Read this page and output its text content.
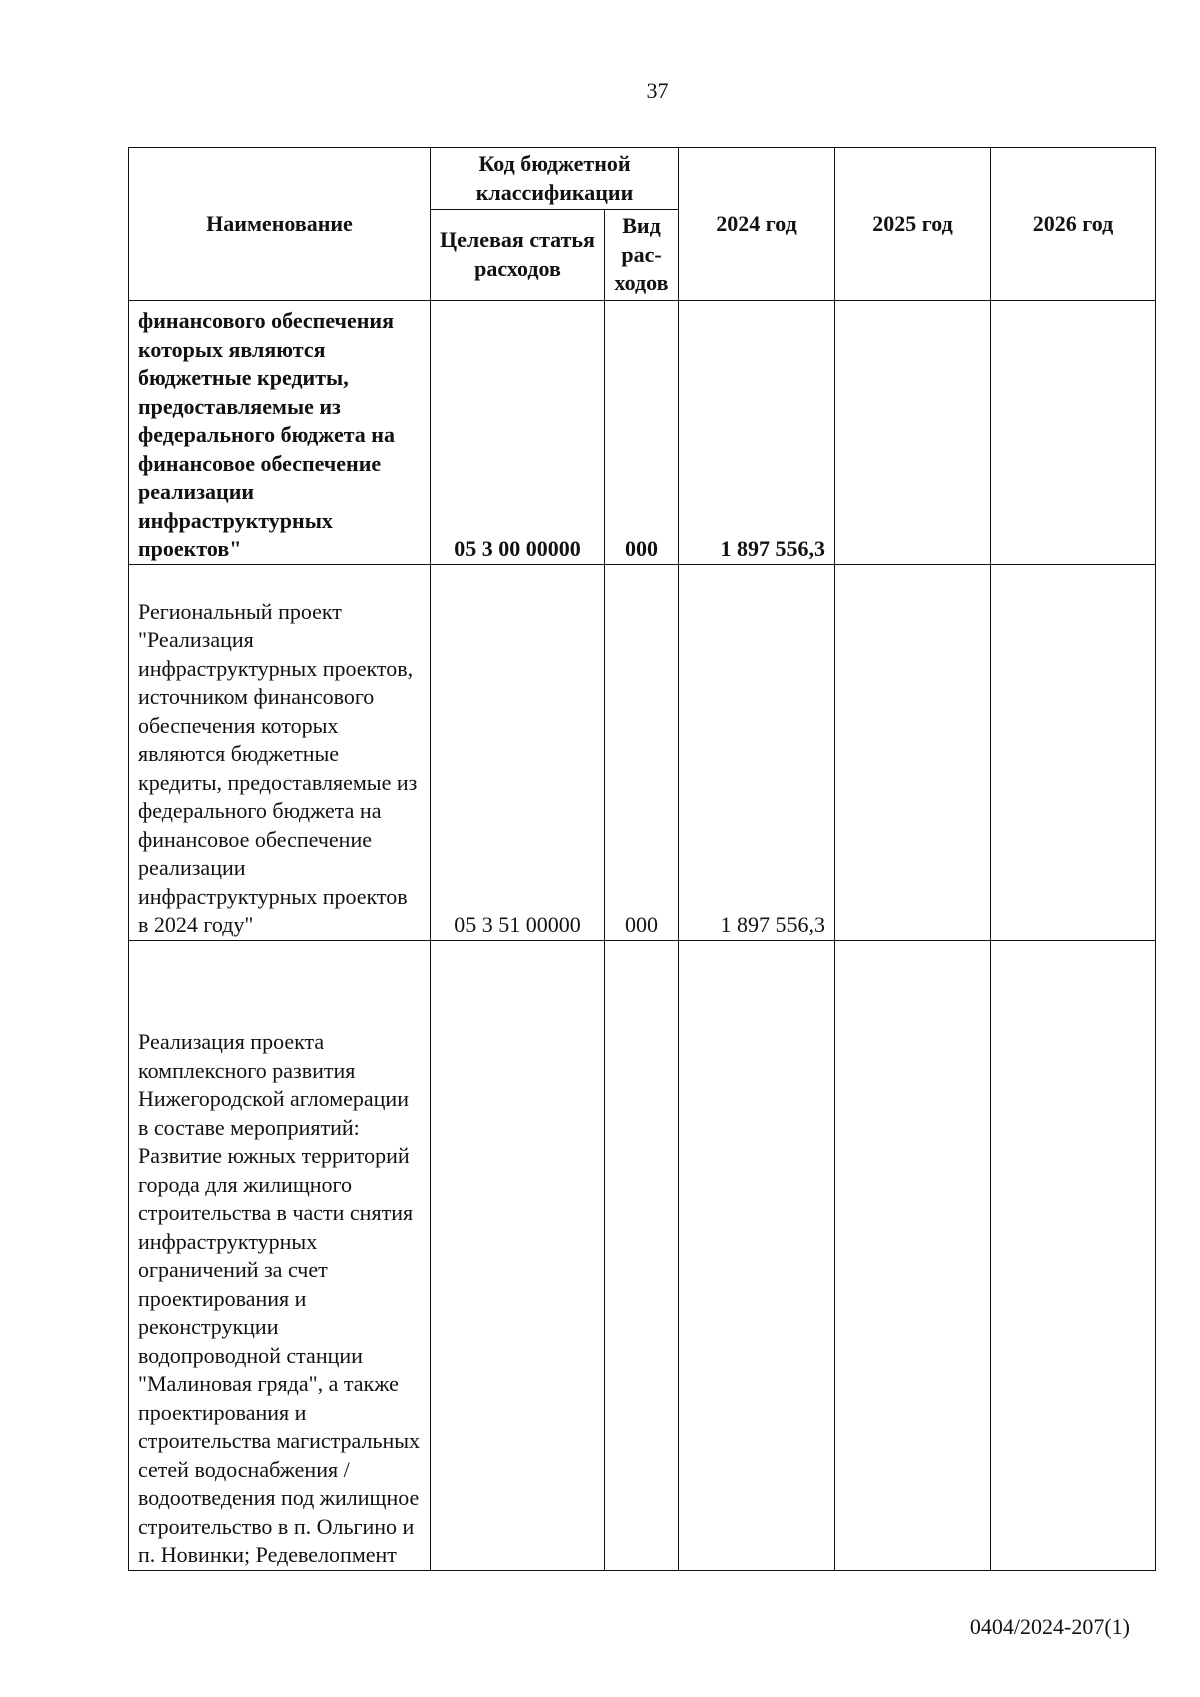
37
Наименование	Код бюджетной классификации		2024 год	2025 год	2026 год
	Целевая статья расходов	Вид рас-ходов			
финансового обеспечения которых являются бюджетные кредиты, предоставляемые из федерального бюджета на финансовое обеспечение реализации инфраструктурных проектов"	05 3 00 00000	000	1 897 556,3		
Региональный проект "Реализация инфраструктурных проектов, источником финансового обеспечения которых являются бюджетные кредиты, предоставляемые из федерального бюджета на финансовое обеспечение реализации инфраструктурных проектов в 2024 году"	05 3 51 00000	000	1 897 556,3		
Реализация проекта комплексного развития Нижегородской агломерации в составе мероприятий: Развитие южных территорий города для жилищного строительства в части снятия инфраструктурных ограничений за счет проектирования и реконструкции водопроводной станции "Малиновая гряда", а также проектирования и строительства магистральных сетей водоснабжения / водоотведения под жилищное строительство в п. Ольгино и п. Новинки; Редевелопмент					
0404/2024-207(1)
